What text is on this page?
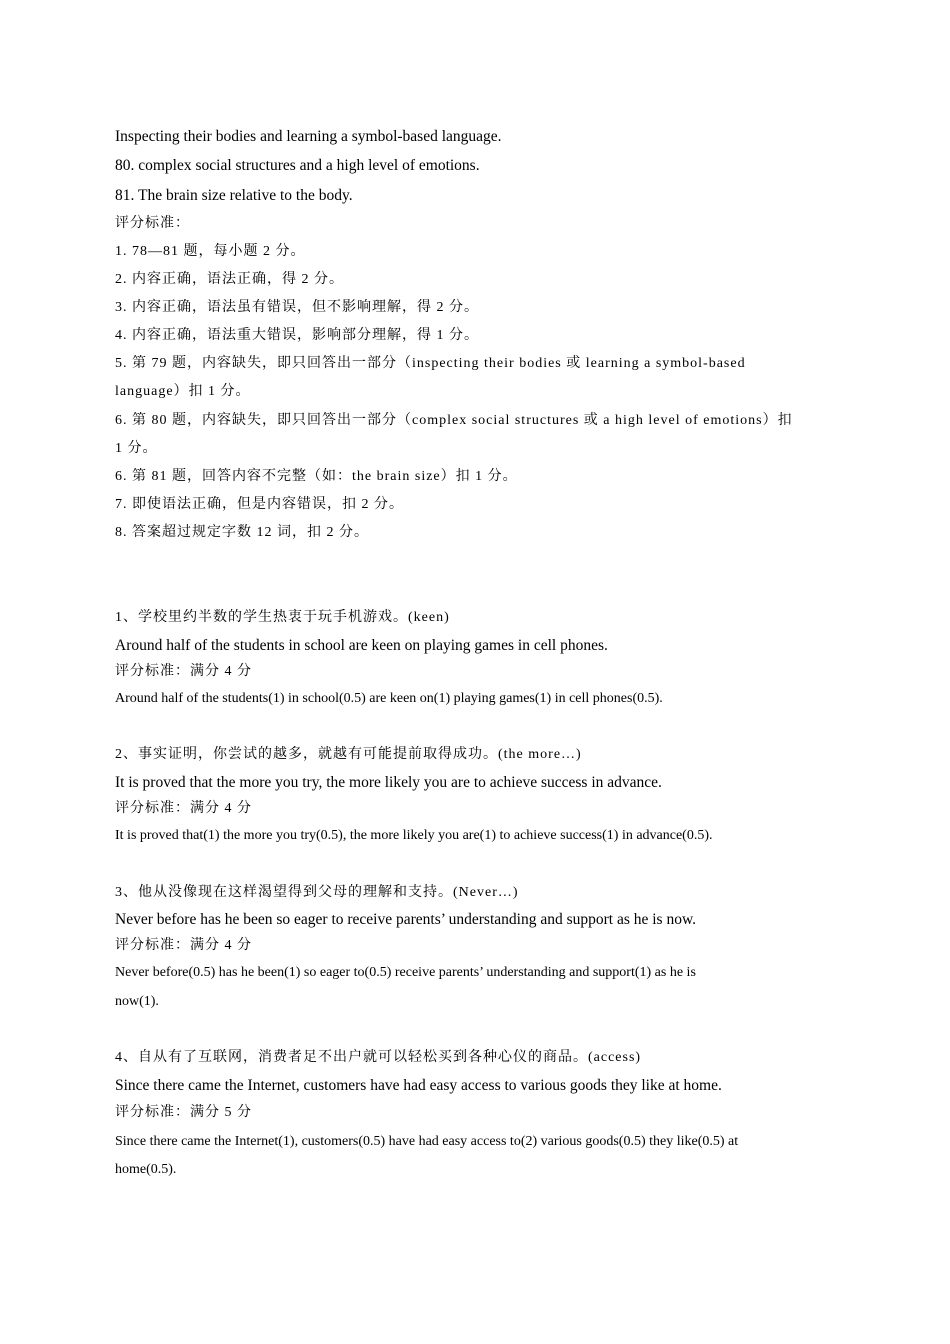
Inspecting their bodies and learning a symbol-based language.
80. complex social structures and a high level of emotions.
81. The brain size relative to the body.
评分标准：
1. 78—81 题，每小题 2 分。
2. 内容正确，语法正确，得 2 分。
3. 内容正确，语法虽有错误，但不影响理解，得 2 分。
4. 内容正确，语法重大错误，影响部分理解，得 1 分。
5. 第 79 题，内容缺失，即只回答出一部分（inspecting their bodies 或 learning a symbol-based
language）扣 1 分。
6. 第 80 题，内容缺失，即只回答出一部分（complex social structures 或 a high level of emotions）扣
1 分。
6. 第 81 题，回答内容不完整（如：the brain size）扣 1 分。
7. 即使语法正确，但是内容错误，扣 2 分。
8. 答案超过规定字数 12 词，扣 2 分。
1、学校里约半数的学生热衷于玩手机游戏。(keen)
Around half of the students in school are keen on playing games in cell phones.
评分标准：满分 4 分
Around half of the students(1) in school(0.5) are keen on(1) playing games(1) in cell phones(0.5).
2、事实证明，你尝试的越多，就越有可能提前取得成功。(the more…)
It is proved that the more you try, the more likely you are to achieve success in advance.
评分标准：满分 4 分
It is proved that(1) the more you try(0.5), the more likely you are(1) to achieve success(1) in advance(0.5).
3、他从没像现在这样渴望得到父母的理解和支持。(Never…)
Never before has he been so eager to receive parents’ understanding and support as he is now.
评分标准：满分 4 分
Never before(0.5) has he been(1) so eager to(0.5) receive parents’ understanding and support(1) as he is
now(1).
4、自从有了互联网，消费者足不出户就可以轻松买到各种心仪的商品。(access)
Since there came the Internet, customers have had easy access to various goods they like at home.
评分标准：满分 5 分
Since there came the Internet(1), customers(0.5) have had easy access to(2) various goods(0.5) they like(0.5) at
home(0.5).
